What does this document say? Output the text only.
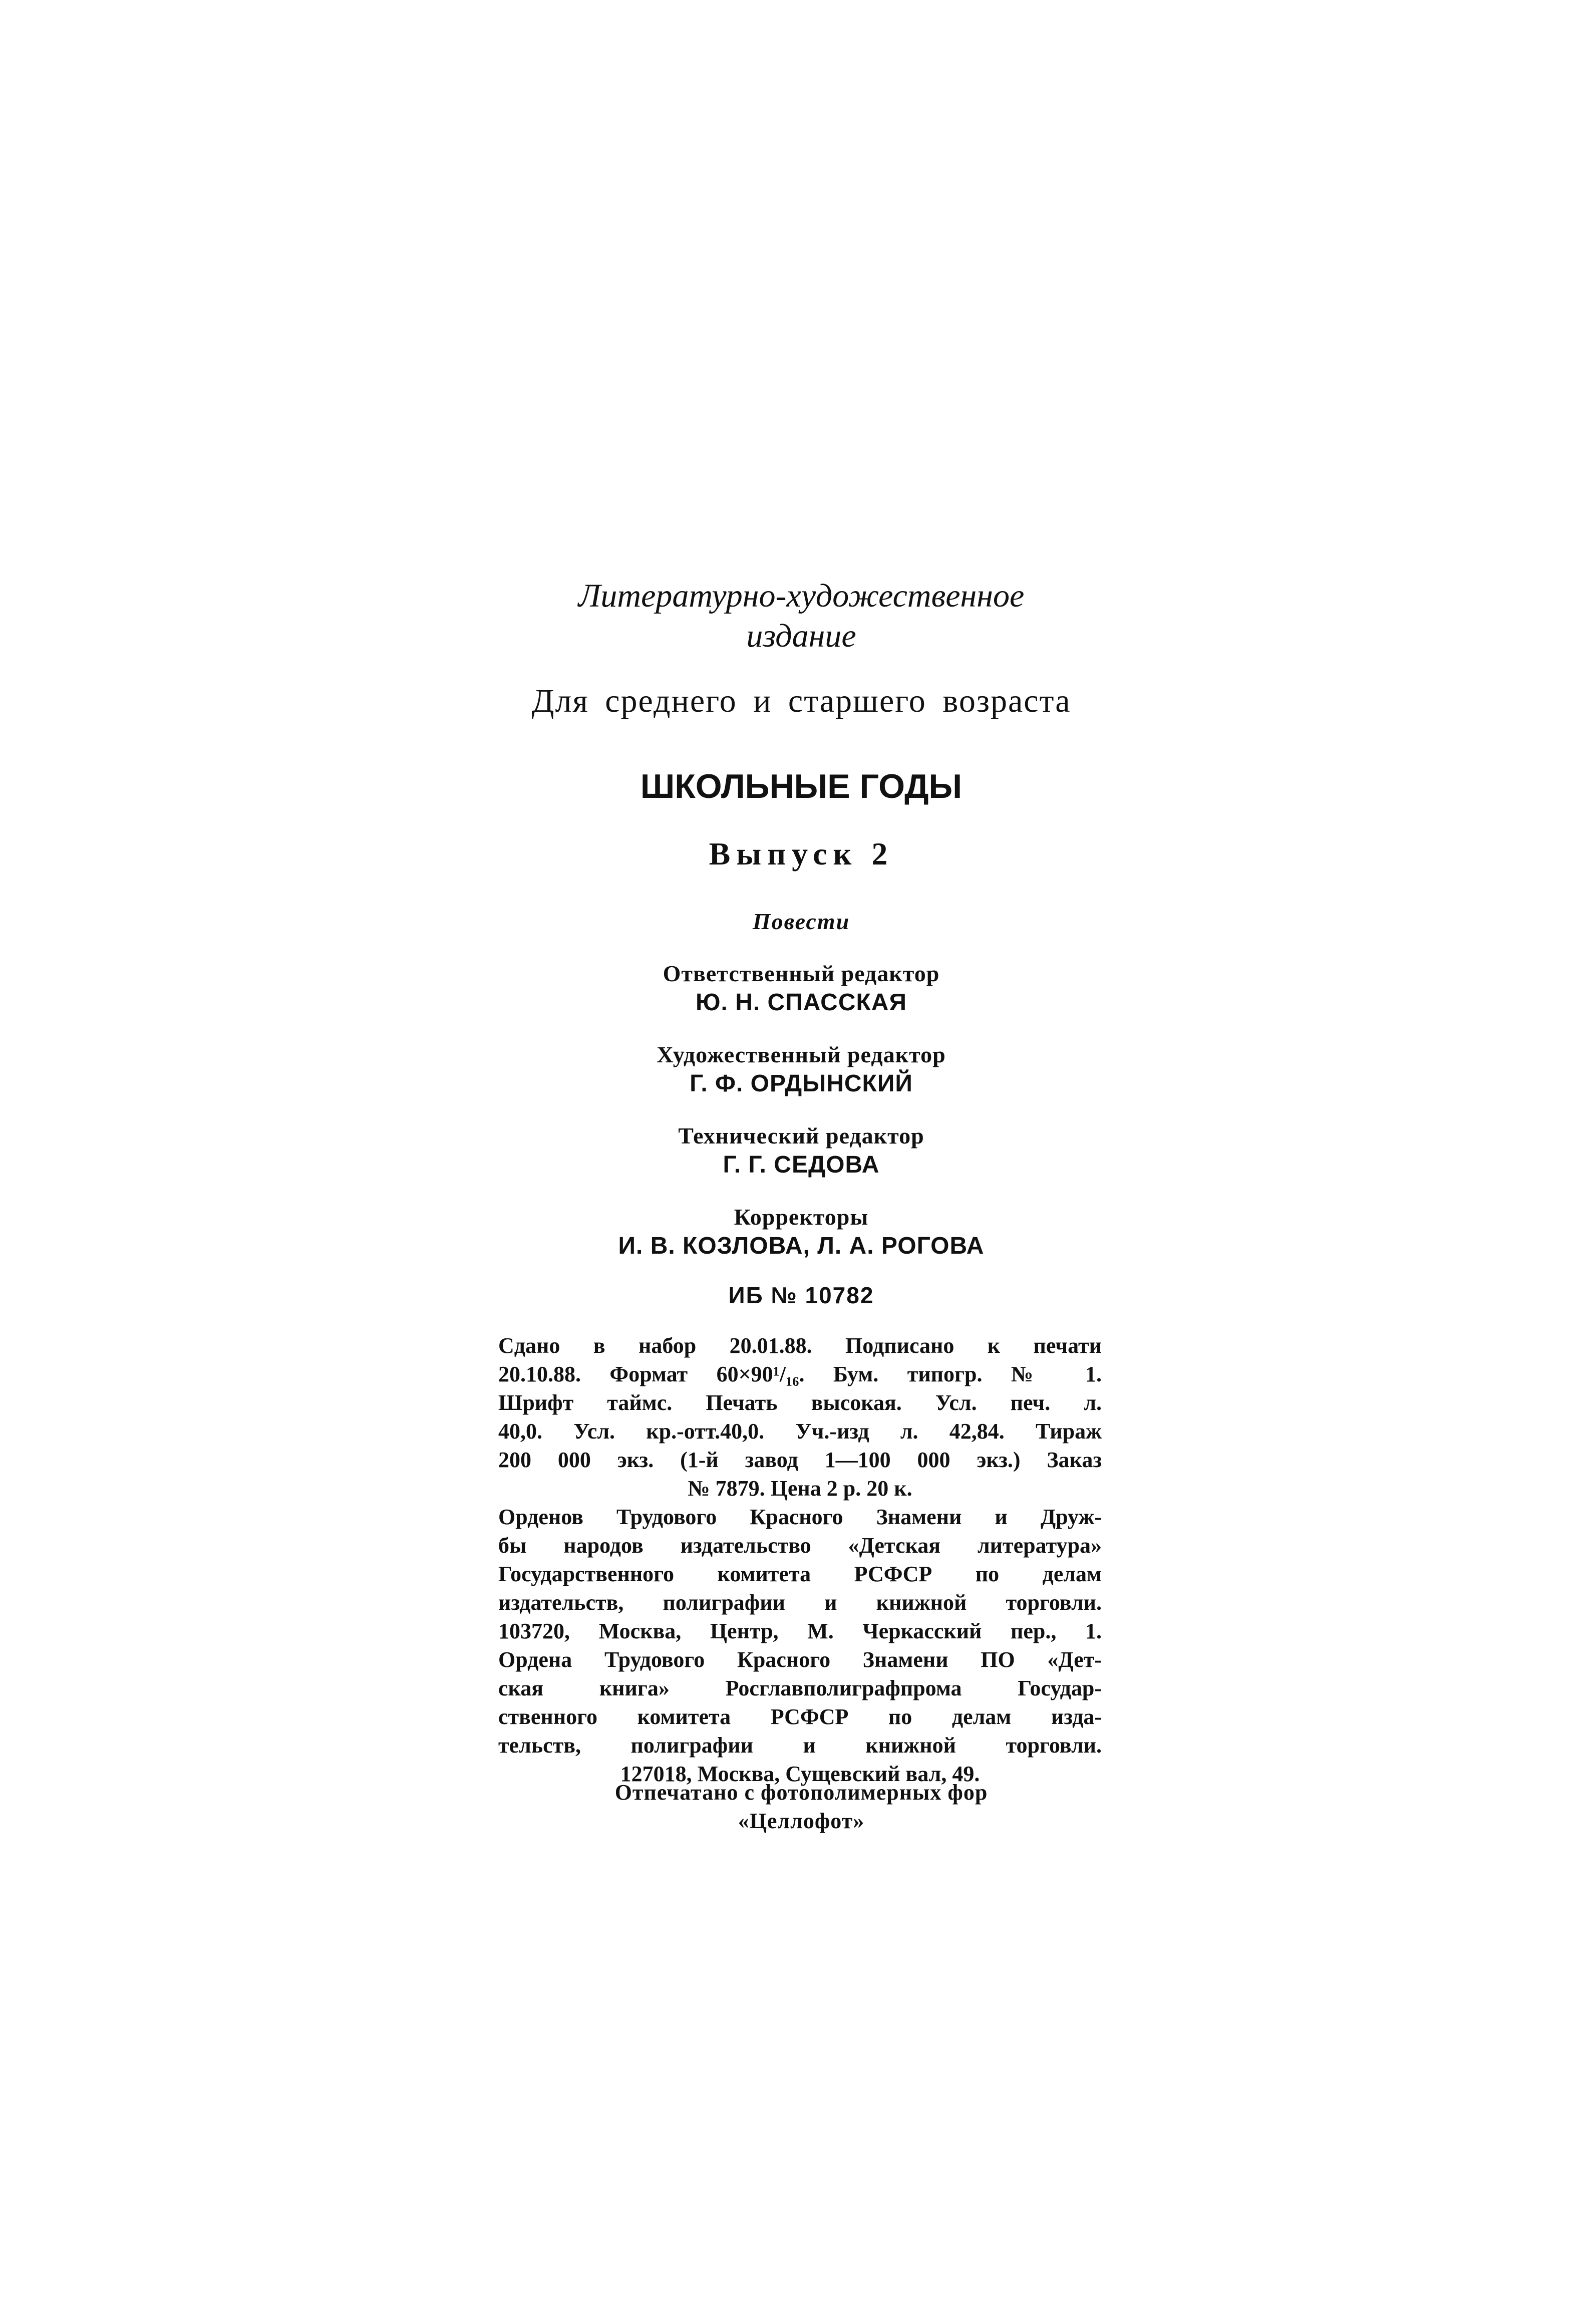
Литературно-художественное
издание
Для среднего и старшего возраста
ШКОЛЬНЫЕ ГОДЫ
Выпуск 2
Повести
Ответственный редактор
Ю. Н. СПАССКАЯ
Художественный редактор
Г. Ф. ОРДЫНСКИЙ
Технический редактор
Г. Г. СЕДОВА
Корректоры
И. В. КОЗЛОВА, Л. А. РОГОВА
ИБ № 10782
Сдано в набор 20.01.88. Подписано к печати
20.10.88. Формат 60×90¹/₁₆. Бум. типогр. № 1.
Шрифт таймс. Печать высокая. Усл. печ. л.
40,0. Усл. кр.-отт.40,0. Уч.-изд л. 42,84. Тираж
200 000 экз. (1-й завод 1—100 000 экз.) Заказ
№ 7879. Цена 2 р. 20 к.
Орденов Трудового Красного Знамени и Друж-
бы народов издательство «Детская литература»
Государственного комитета РСФСР по делам
издательств, полиграфии и книжной торговли.
103720, Москва, Центр, М. Черкасский пер., 1.
Ордена Трудового Красного Знамени ПО «Дет-
ская книга» Росглавполиграфпрома Государ-
ственного комитета РСФСР по делам изда-
тельств, полиграфии и книжной торговли.
127018, Москва, Сущевский вал, 49.
Отпечатано с фотополимерных фор
«Целлофот»
